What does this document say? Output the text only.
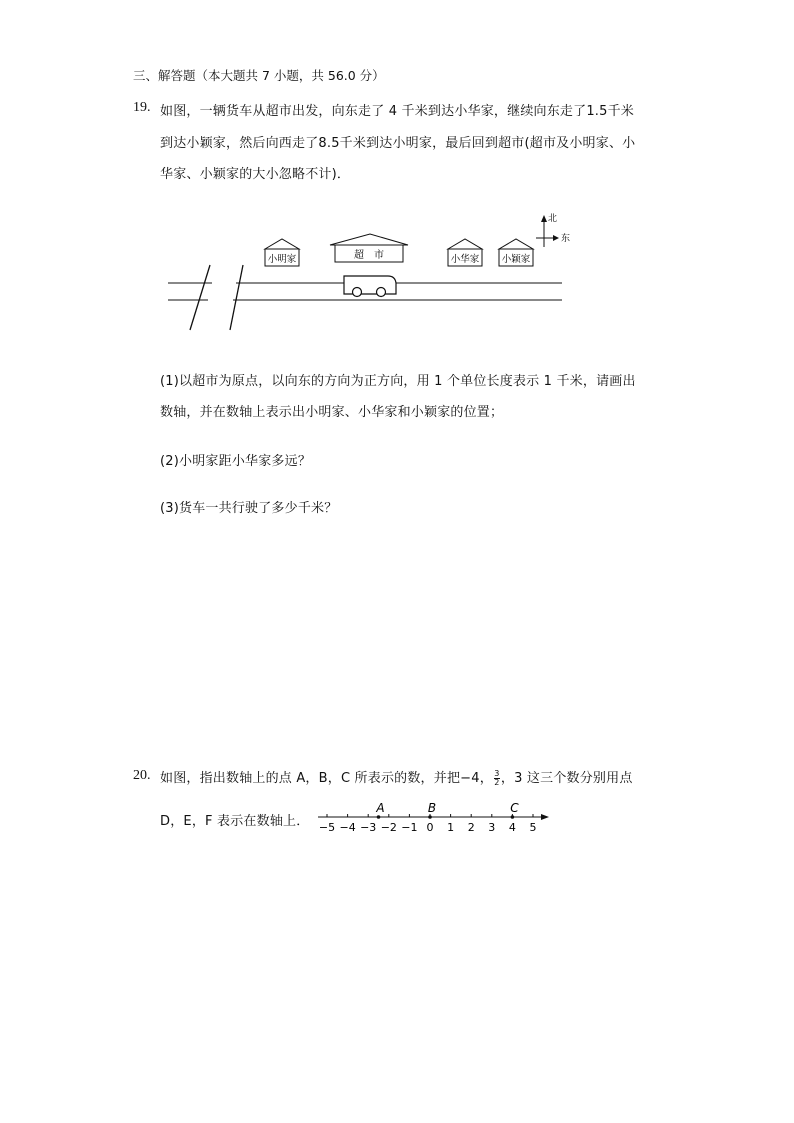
三、解答题（本大题共 7 小题，共 56.0 分）
19. 如图，一辆货车从超市出发，向东走了 4 千米到达小华家，继续向东走了1.5千米
到达小颖家，然后向西走了8.5千米到达小明家，最后回到超市(超市及小明家、小
华家、小颖家的大小忽略不计)．
小明家	超　市	小华家 小颖家
北
东
(1)以超市为原点，以向东的方向为正方向，用 1 个单位长度表示 1 千米，请画出
数轴，并在数轴上表示出小明家、小华家和小颖家的位置；
(2)小明家距小华家多远？
(3)货车一共行驶了多少千米？
20. 如图，指出数轴上的点 A，B，C 所表示的数，并把−4， $\frac{3}{2}$ ，3 这三个数分别用点
D，E，F 表示在数轴上． −5 −4 −3 −2 −1 0 1 2 3 4 5
A	B	C
